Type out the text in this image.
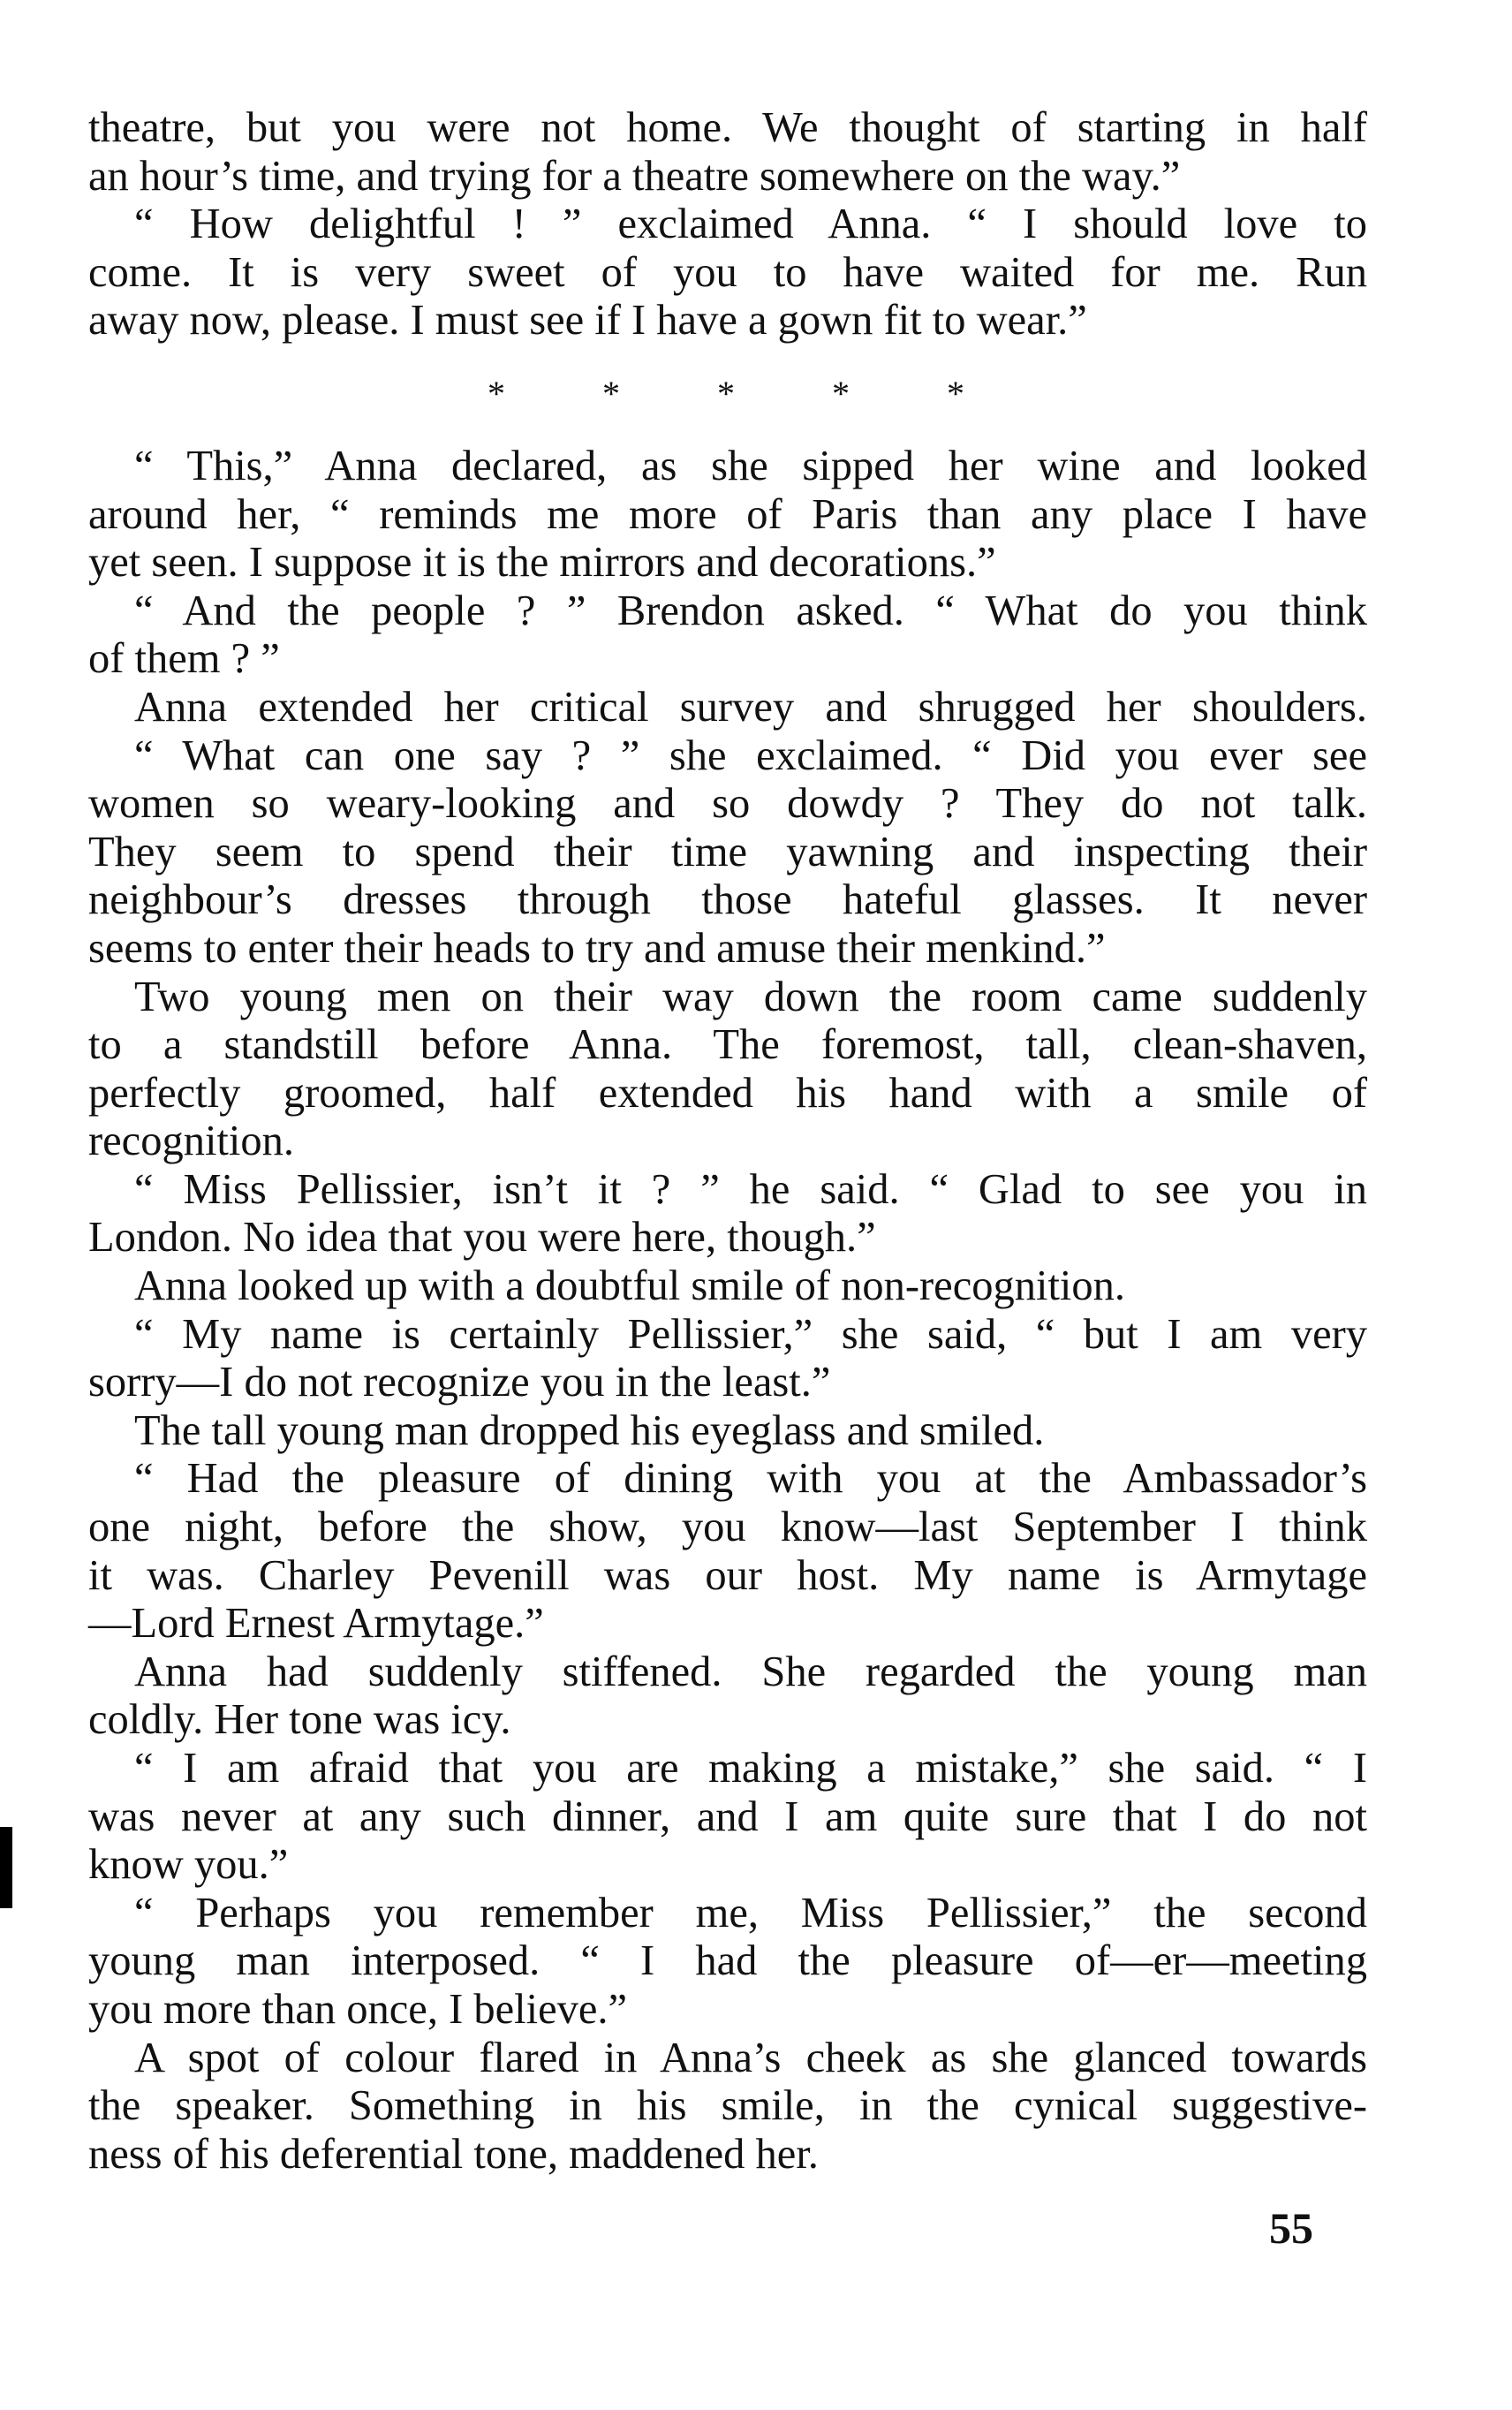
theatre, but you were not home. We thought of starting in half
an hour’s time, and trying for a theatre somewhere on the way.”
“ How delightful ! ” exclaimed Anna. “ I should love to
come. It is very sweet of you to have waited for me. Run
away now, please. I must see if I have a gown fit to wear.”
*	*	*	*	*
“ This,” Anna declared, as she sipped her wine and looked
around her, “ reminds me more of Paris than any place I have
yet seen. I suppose it is the mirrors and decorations.”
“ And the people ? ” Brendon asked. “ What do you think
of them ? ”
Anna extended her critical survey and shrugged her shoulders.
“ What can one say ? ” she exclaimed. “ Did you ever see
women so weary-looking and so dowdy ? They do not talk.
They seem to spend their time yawning and inspecting their
neighbour’s dresses through those hateful glasses. It never
seems to enter their heads to try and amuse their menkind.”
Two young men on their way down the room came suddenly
to a standstill before Anna. The foremost, tall, clean-shaven,
perfectly groomed, half extended his hand with a smile of
recognition.
“ Miss Pellissier, isn’t it ? ” he said. “ Glad to see you in
London. No idea that you were here, though.”
Anna looked up with a doubtful smile of non-recognition.
“ My name is certainly Pellissier,” she said, “ but I am very
sorry—I do not recognize you in the least.”
The tall young man dropped his eyeglass and smiled.
“ Had the pleasure of dining with you at the Ambassador’s
one night, before the show, you know—last September I think
it was. Charley Pevenill was our host. My name is Armytage
—Lord Ernest Armytage.”
Anna had suddenly stiffened. She regarded the young man
coldly. Her tone was icy.
“ I am afraid that you are making a mistake,” she said. “ I
was never at any such dinner, and I am quite sure that I do not
know you.”
“ Perhaps you remember me, Miss Pellissier,” the second
young man interposed. “ I had the pleasure of—er—meeting
you more than once, I believe.”
A spot of colour flared in Anna’s cheek as she glanced towards
the speaker. Something in his smile, in the cynical suggestive-
ness of his deferential tone, maddened her.
55
